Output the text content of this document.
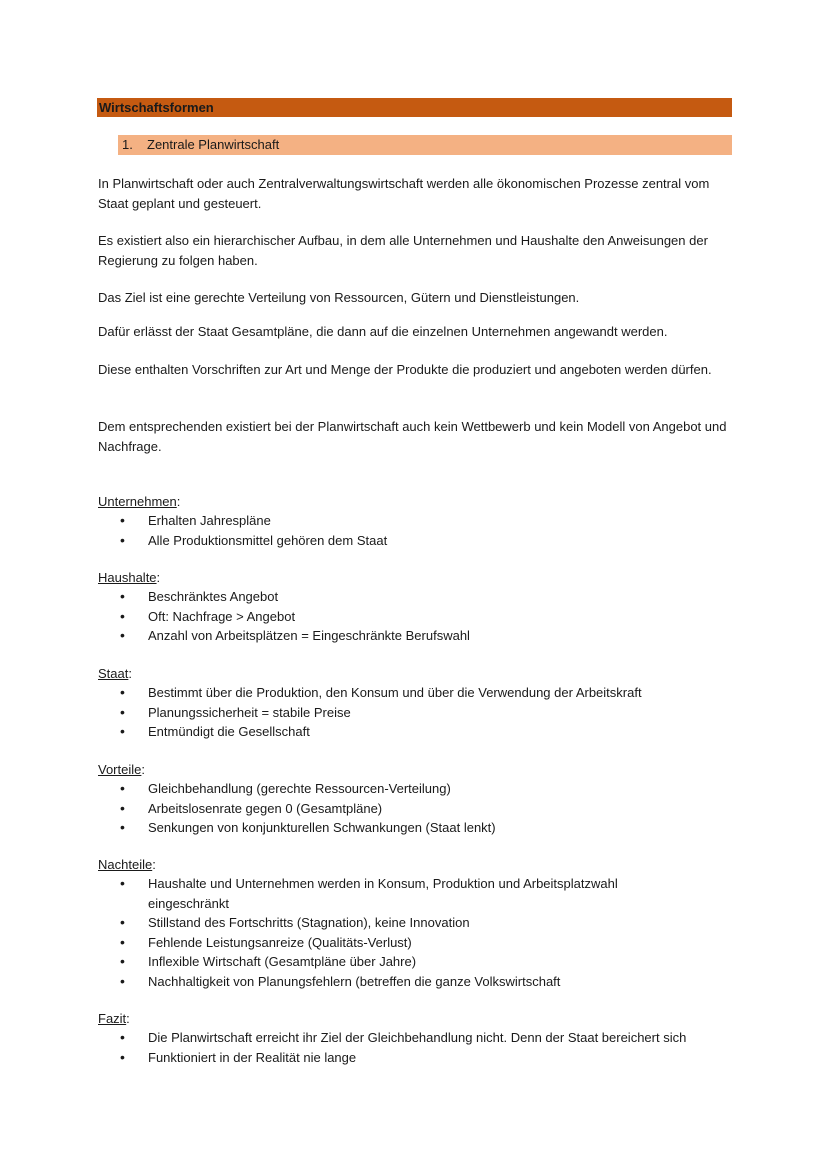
Wirtschaftsformen
1. Zentrale Planwirtschaft

In Planwirtschaft oder auch Zentralverwaltungswirtschaft werden alle ökonomischen Prozesse zentral vom Staat geplant und gesteuert.

Es existiert also ein hierarchischer Aufbau, in dem alle Unternehmen und Haushalte den Anweisungen der Regierung zu folgen haben.

Das Ziel ist eine gerechte Verteilung von Ressourcen, Gütern und Dienstleistungen.

Dafür erlässt der Staat Gesamtpläne, die dann auf die einzelnen Unternehmen angewandt werden.

Diese enthalten Vorschriften zur Art und Menge der Produkte die produziert und angeboten werden dürfen.

Dem entsprechenden existiert bei der Planwirtschaft auch kein Wettbewerb und kein Modell von Angebot und Nachfrage.

Unternehmen:
• Erhalten Jahrespläne
• Alle Produktionsmittel gehören dem Staat
Haushalte:
• Beschränktes Angebot
• Oft: Nachfrage > Angebot
• Anzahl von Arbeitsplätzen = Eingeschränkte Berufswahl
Staat:
• Bestimmt über die Produktion, den Konsum und über die Verwendung der Arbeitskraft
• Planungssicherheit = stabile Preise
• Entmündigt die Gesellschaft
Vorteile:
• Gleichbehandlung (gerechte Ressourcen-Verteilung)
• Arbeitslosenrate gegen 0 (Gesamtpläne)
• Senkungen von konjunkturellen Schwankungen (Staat lenkt)
Nachteile:
• Haushalte und Unternehmen werden in Konsum, Produktion und Arbeitsplatzwahl eingeschränkt
• Stillstand des Fortschritts (Stagnation), keine Innovation
• Fehlende Leistungsanreize (Qualitäts-Verlust)
• Inflexible Wirtschaft (Gesamtpläne über Jahre)
• Nachhaltigkeit von Planungsfehlern (betreffen die ganze Volkswirtschaft
Fazit:
• Die Planwirtschaft erreicht ihr Ziel der Gleichbehandlung nicht. Denn der Staat bereichert sich
• Funktioniert in der Realität nie lange
